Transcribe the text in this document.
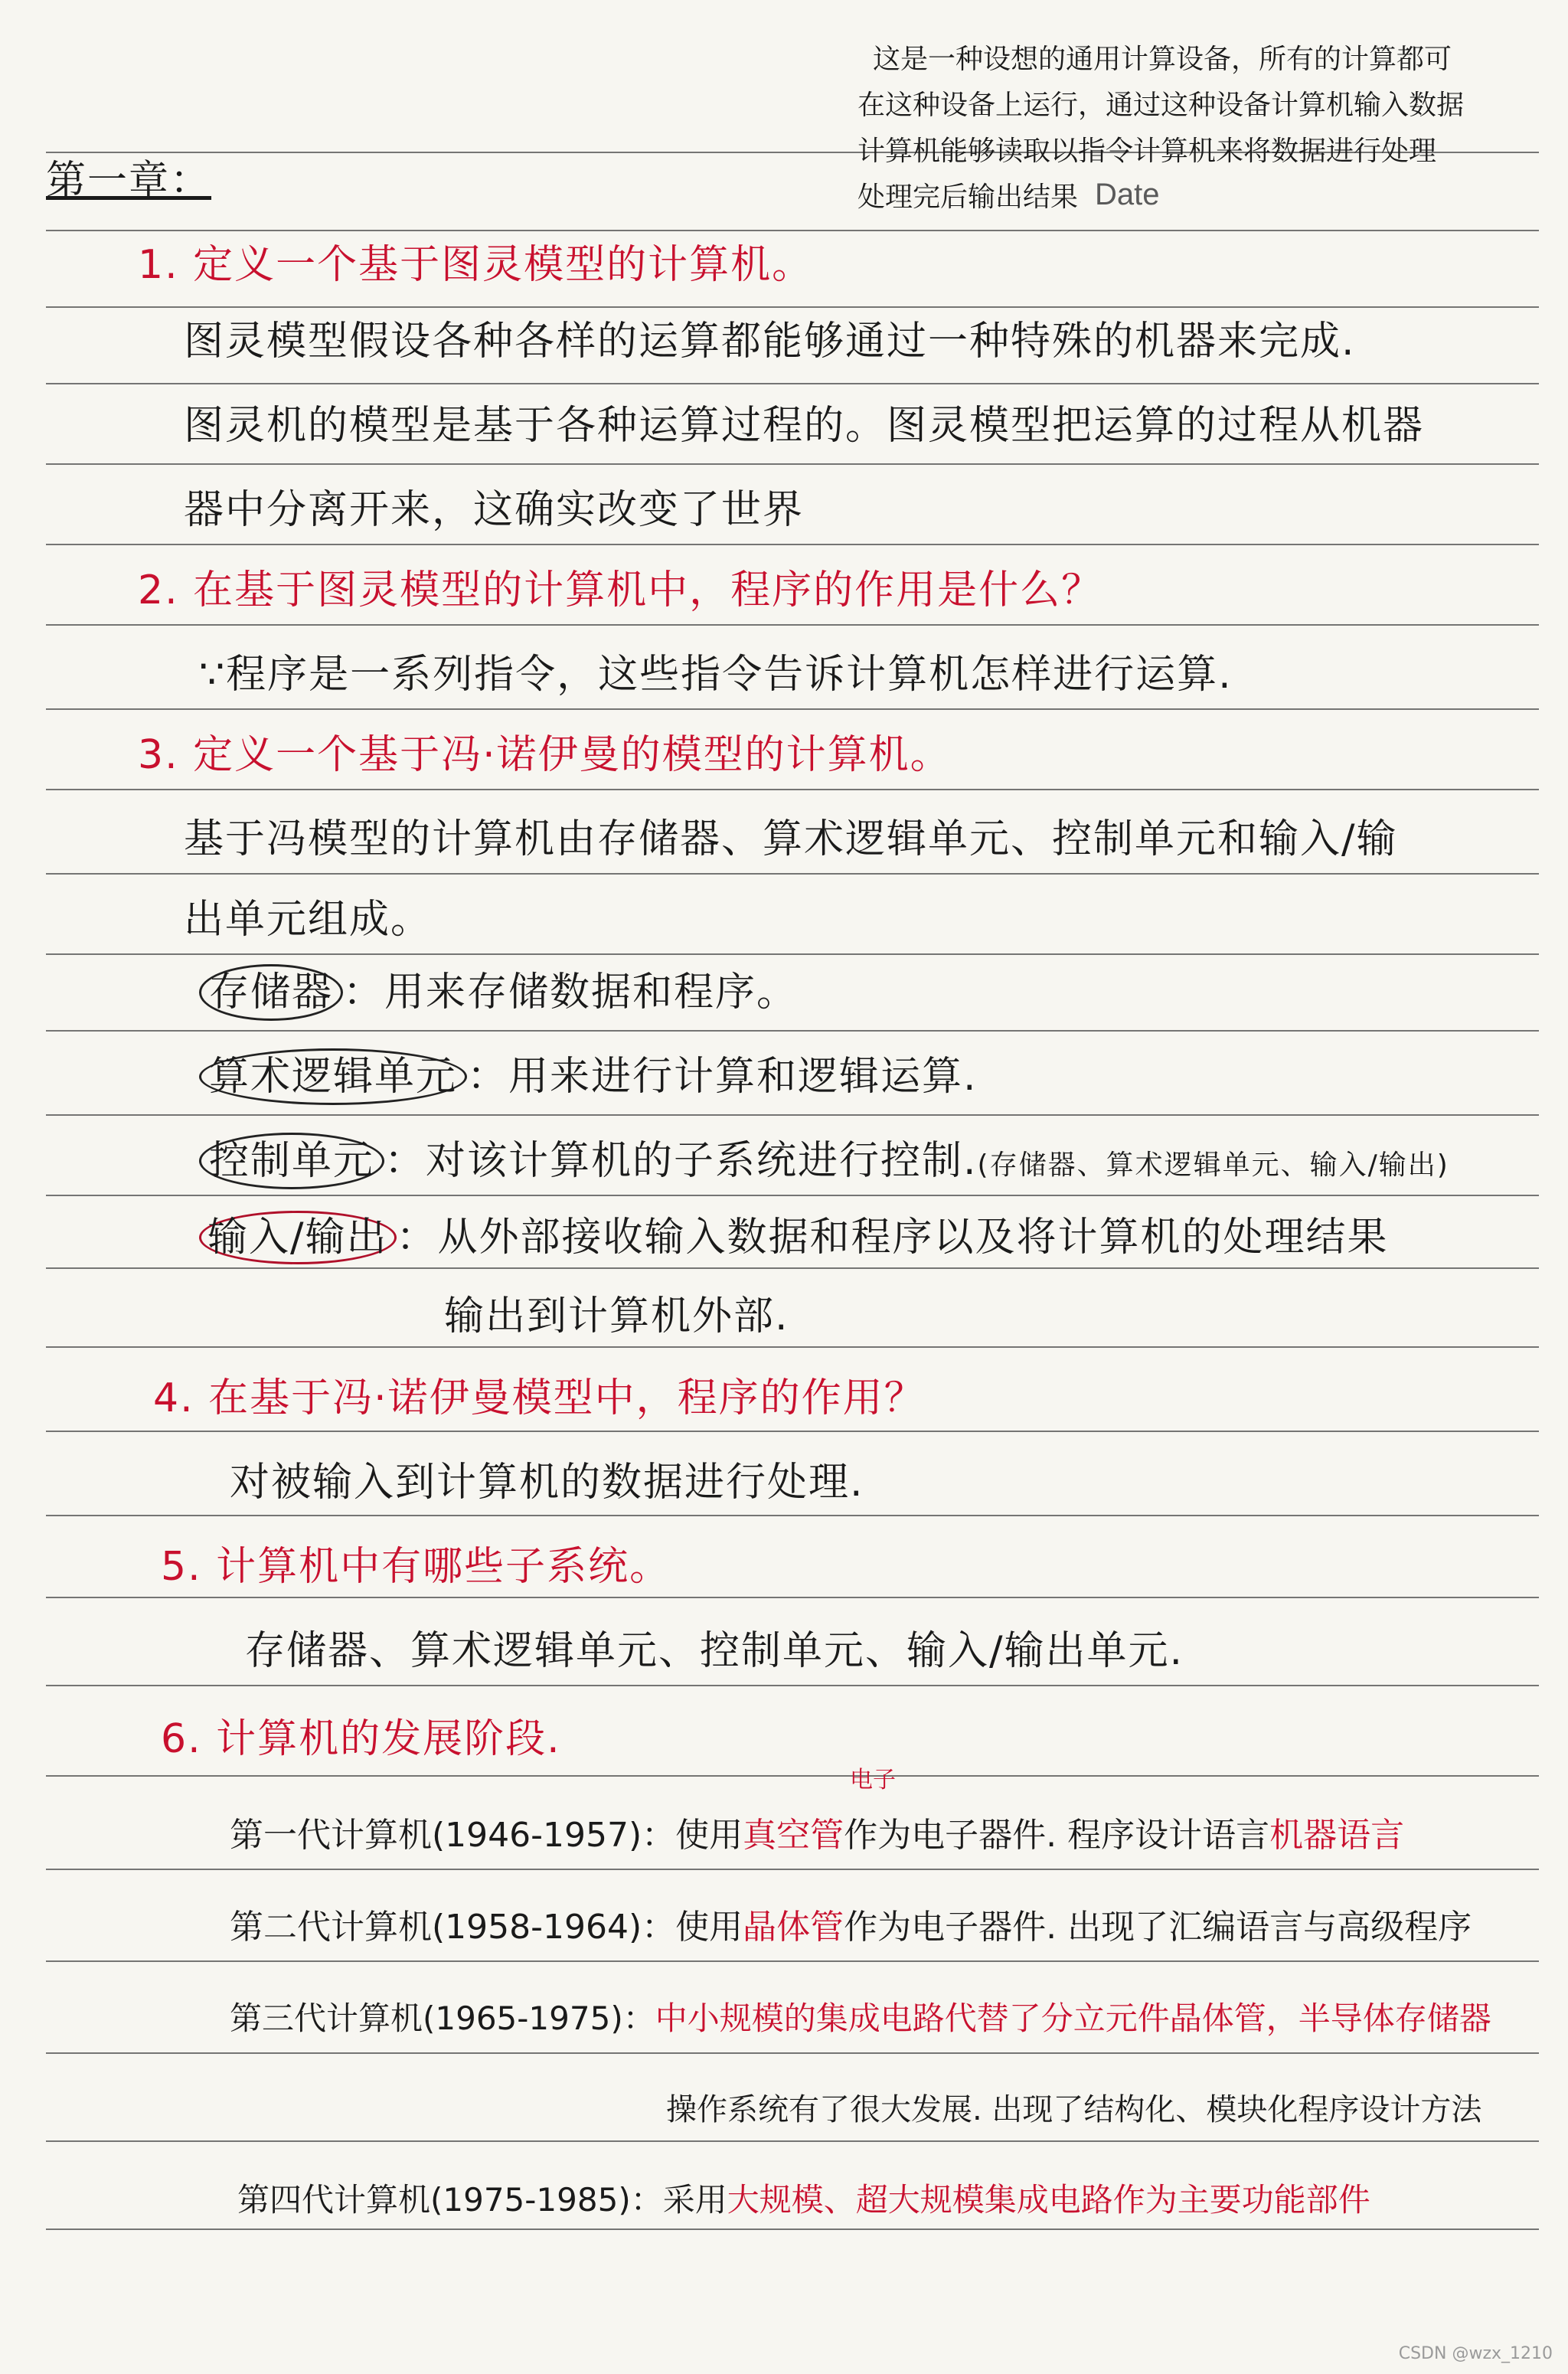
这是一种设想的通用计算设备，所有的计算都可
在这种设备上运行，通过这种设备计算机输入数据
计算机能够读取以指令计算机来将数据进行处理
处理完后输出结果 Date
第一章：
1. 定义一个基于图灵模型的计算机。
图灵模型假设各种各样的运算都能够通过一种特殊的机器来完成.
图灵机的模型是基于各种运算过程的。图灵模型把运算的过程从机器
器中分离开来，这确实改变了世界
2. 在基于图灵模型的计算机中，程序的作用是什么？
∵程序是一系列指令，这些指令告诉计算机怎样进行运算.
3. 定义一个基于冯·诺伊曼的模型的计算机。
基于冯模型的计算机由存储器、算术逻辑单元、控制单元和输入/输
出单元组成。
存储器 ：用来存储数据和程序。
算术逻辑单元 ：用来进行计算和逻辑运算.
控制单元 ：对该计算机的子系统进行控制.(存储器、算术逻辑单元、输入/输出)
输入/输出 ：从外部接收输入数据和程序以及将计算机的处理结果
输出到计算机外部.
4. 在基于冯·诺伊曼模型中，程序的作用？
对被输入到计算机的数据进行处理.
5. 计算机中有哪些子系统。
存储器、算术逻辑单元、控制单元、输入/输出单元.
6. 计算机的发展阶段.
电子
第一代计算机(1946-1957)：使用真空管作为电子器件. 程序设计语言机器语言
第二代计算机(1958-1964)：使用晶体管作为电子器件. 出现了汇编语言与高级程序
第三代计算机(1965-1975)：中小规模的集成电路代替了分立元件晶体管，半导体存储器
操作系统有了很大发展. 出现了结构化、模块化程序设计方法
第四代计算机(1975-1985)：采用大规模、超大规模集成电路作为主要功能部件
CSDN @wzx_1210
